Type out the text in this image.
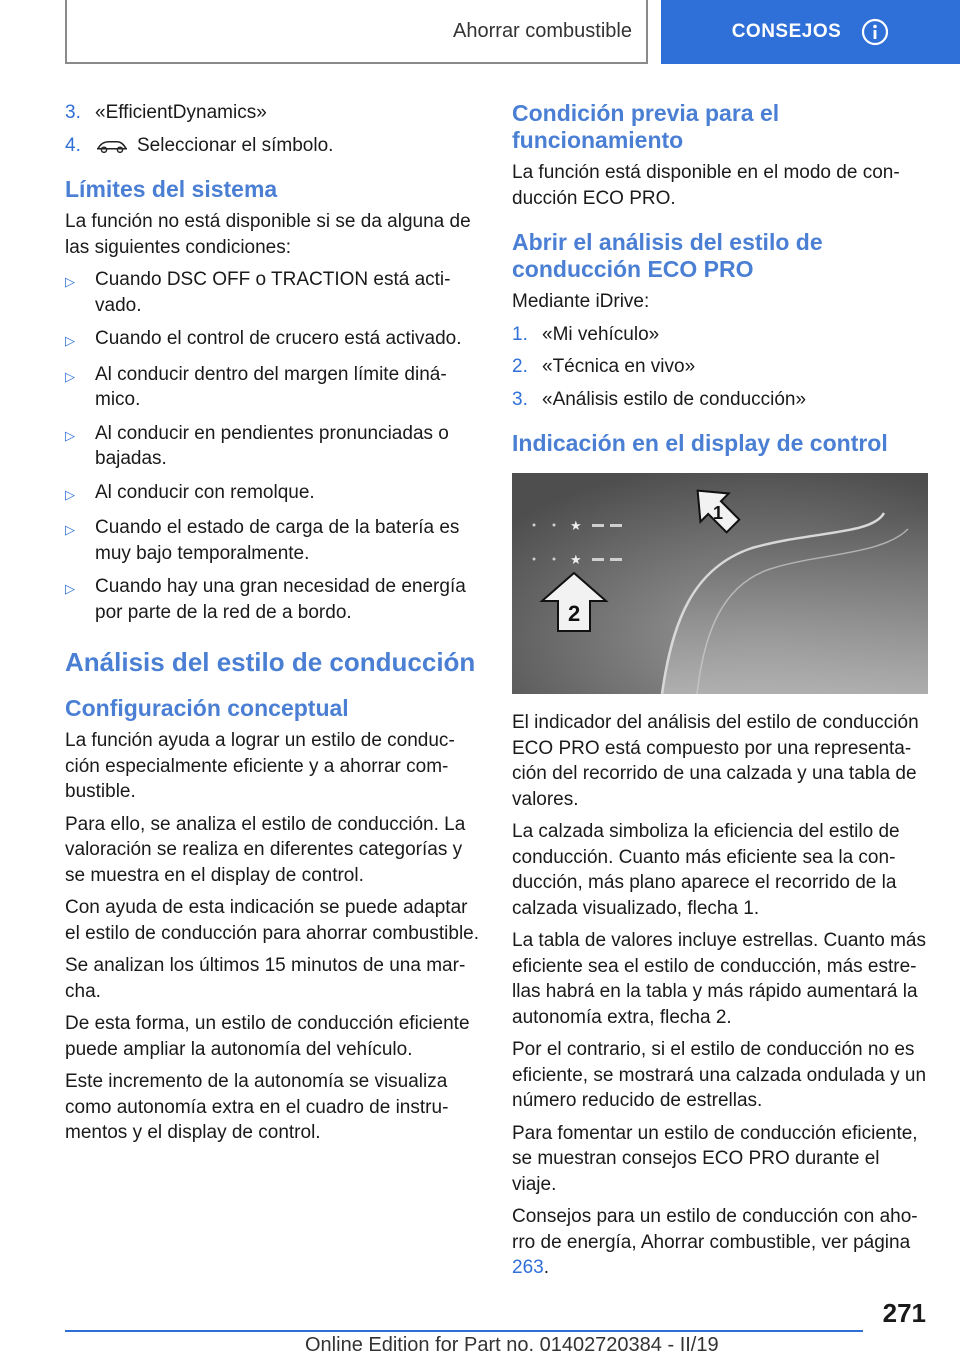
Ahorrar combustible	CONSEJOS
3. «EfficientDynamics»
4.	Seleccionar el símbolo.
Límites del sistema

La función no está disponible si se da alguna de las siguientes condiciones:

▷	Cuando DSC OFF o TRACTION está activado.
▷	Cuando el control de crucero está activado.
▷	Al conducir dentro del margen límite dinámico.
▷	Al conducir en pendientes pronunciadas o bajadas.
▷	Al conducir con remolque.
▷	Cuando el estado de carga de la batería es muy bajo temporalmente.
▷	Cuando hay una gran necesidad de energía por parte de la red de a bordo.
Análisis del estilo de conducción
Configuración conceptual

La función ayuda a lograr un estilo de conducción especialmente eficiente y a ahorrar combustible.

Para ello, se analiza el estilo de conducción. La valoración se realiza en diferentes categorías y se muestra en el display de control.

Con ayuda de esta indicación se puede adaptar el estilo de conducción para ahorrar combustible.

Se analizan los últimos 15 minutos de una marcha.

De esta forma, un estilo de conducción eficiente puede ampliar la autonomía del vehículo.

Este incremento de la autonomía se visualiza como autonomía extra en el cuadro de instrumentos y el display de control.

Condición previa para el funcionamiento

La función está disponible en el modo de conducción ECO PRO.

Abrir el análisis del estilo de conducción ECO PRO

Mediante iDrive:

1. «Mi vehículo»
2. «Técnica en vivo»
3. «Análisis estilo de conducción»
Indicación en el display de control
★
★
1
2

El indicador del análisis del estilo de conducción ECO PRO está compuesto por una representación del recorrido de una calzada y una tabla de valores.

La calzada simboliza la eficiencia del estilo de conducción. Cuanto más eficiente sea la conducción, más plano aparece el recorrido de la calzada visualizado, flecha 1.

La tabla de valores incluye estrellas. Cuanto más eficiente sea el estilo de conducción, más estrellas habrá en la tabla y más rápido aumentará la autonomía extra, flecha 2.

Por el contrario, si el estilo de conducción no es eficiente, se mostrará una calzada ondulada y un número reducido de estrellas.

Para fomentar un estilo de conducción eficiente, se muestran consejos ECO PRO durante el viaje.

Consejos para un estilo de conducción con ahorro de energía, Ahorrar combustible, ver página 263.

271
Online Edition for Part no. 01402720384 - II/19
